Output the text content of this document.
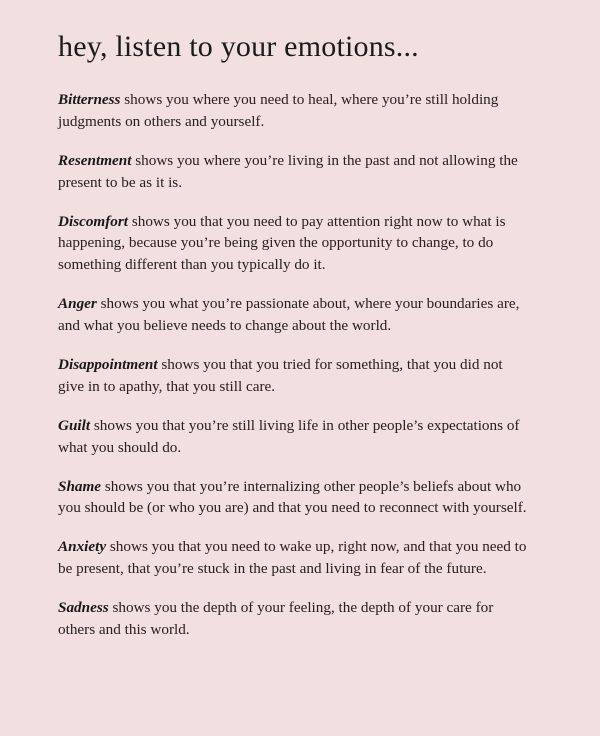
hey, listen to your emotions...

Bitterness shows you where you need to heal, where you’re still holding judgments on others and yourself.

Resentment shows you where you’re living in the past and not allowing the present to be as it is.

Discomfort shows you that you need to pay attention right now to what is happening, because you’re being given the opportunity to change, to do something different than you typically do it.

Anger shows you what you’re passionate about, where your boundaries are, and what you believe needs to change about the world.

Disappointment shows you that you tried for something, that you did not give in to apathy, that you still care.

Guilt shows you that you’re still living life in other people’s expectations of what you should do.

Shame shows you that you’re internalizing other people’s beliefs about who you should be (or who you are) and that you need to reconnect with yourself.

Anxiety shows you that you need to wake up, right now, and that you need to be present, that you’re stuck in the past and living in fear of the future.

Sadness shows you the depth of your feeling, the depth of your care for others and this world.
